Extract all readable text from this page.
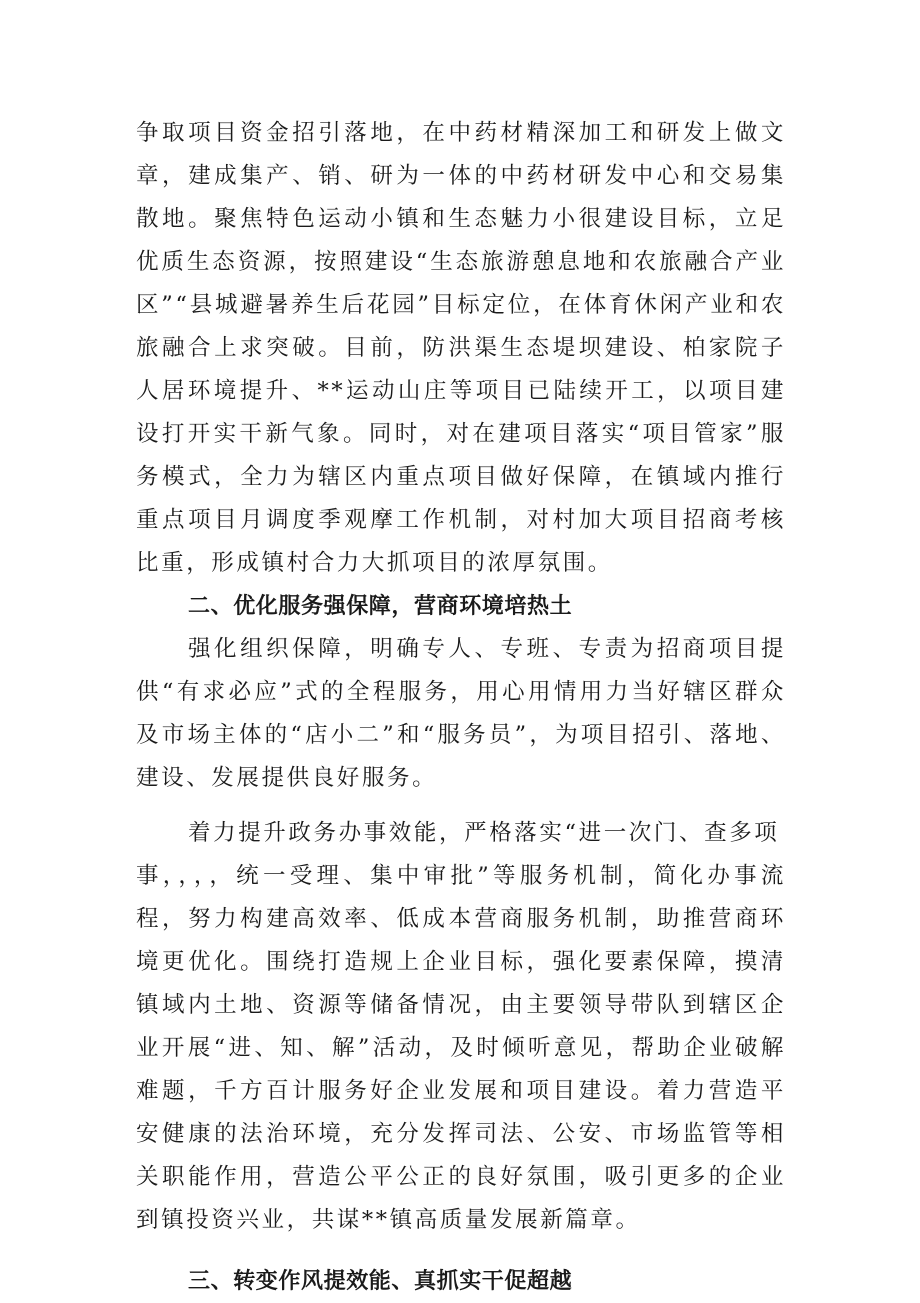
争取项目资金招引落地，在中药材精深加工和研发上做文章，建成集产、销、研为一体的中药材研发中心和交易集散地。聚焦特色运动小镇和生态魅力小很建设目标，立足优质生态资源，按照建设“生态旅游憩息地和农旅融合产业区”“县城避暑养生后花园”目标定位，在体育休闲产业和农旅融合上求突破。目前，防洪渠生态堤坝建设、柏家院子人居环境提升、**运动山庄等项目已陆续开工，以项目建设打开实干新气象。同时，对在建项目落实“项目管家”服务模式，全力为辖区内重点项目做好保障，在镇域内推行重点项目月调度季观摩工作机制，对村加大项目招商考核比重，形成镇村合力大抓项目的浓厚氛围。

二、优化服务强保障，营商环境培热土

强化组织保障，明确专人、专班、专责为招商项目提供“有求必应”式的全程服务，用心用情用力当好辖区群众及市场主体的“店小二”和“服务员”，为项目招引、落地、建设、发展提供良好服务。

着力提升政务办事效能，严格落实“进一次门、查多项

事，，，，统一受理、集中审批”等服务机制，简化办事流程，努力构建高效率、低成本营商服务机制，助推营商环境更优化。围绕打造规上企业目标，强化要素保障，摸清镇域内土地、资源等储备情况，由主要领导带队到辖区企业开展“进、知、解”活动，及时倾听意见，帮助企业破解难题，千方百计服务好企业发展和项目建设。着力营造平安健康的法治环境，充分发挥司法、公安、市场监管等相关职能作用，营造公平公正的良好氛围，吸引更多的企业到镇投资兴业，共谋**镇高质量发展新篇章。

三、转变作风提效能、真抓实干促超越
